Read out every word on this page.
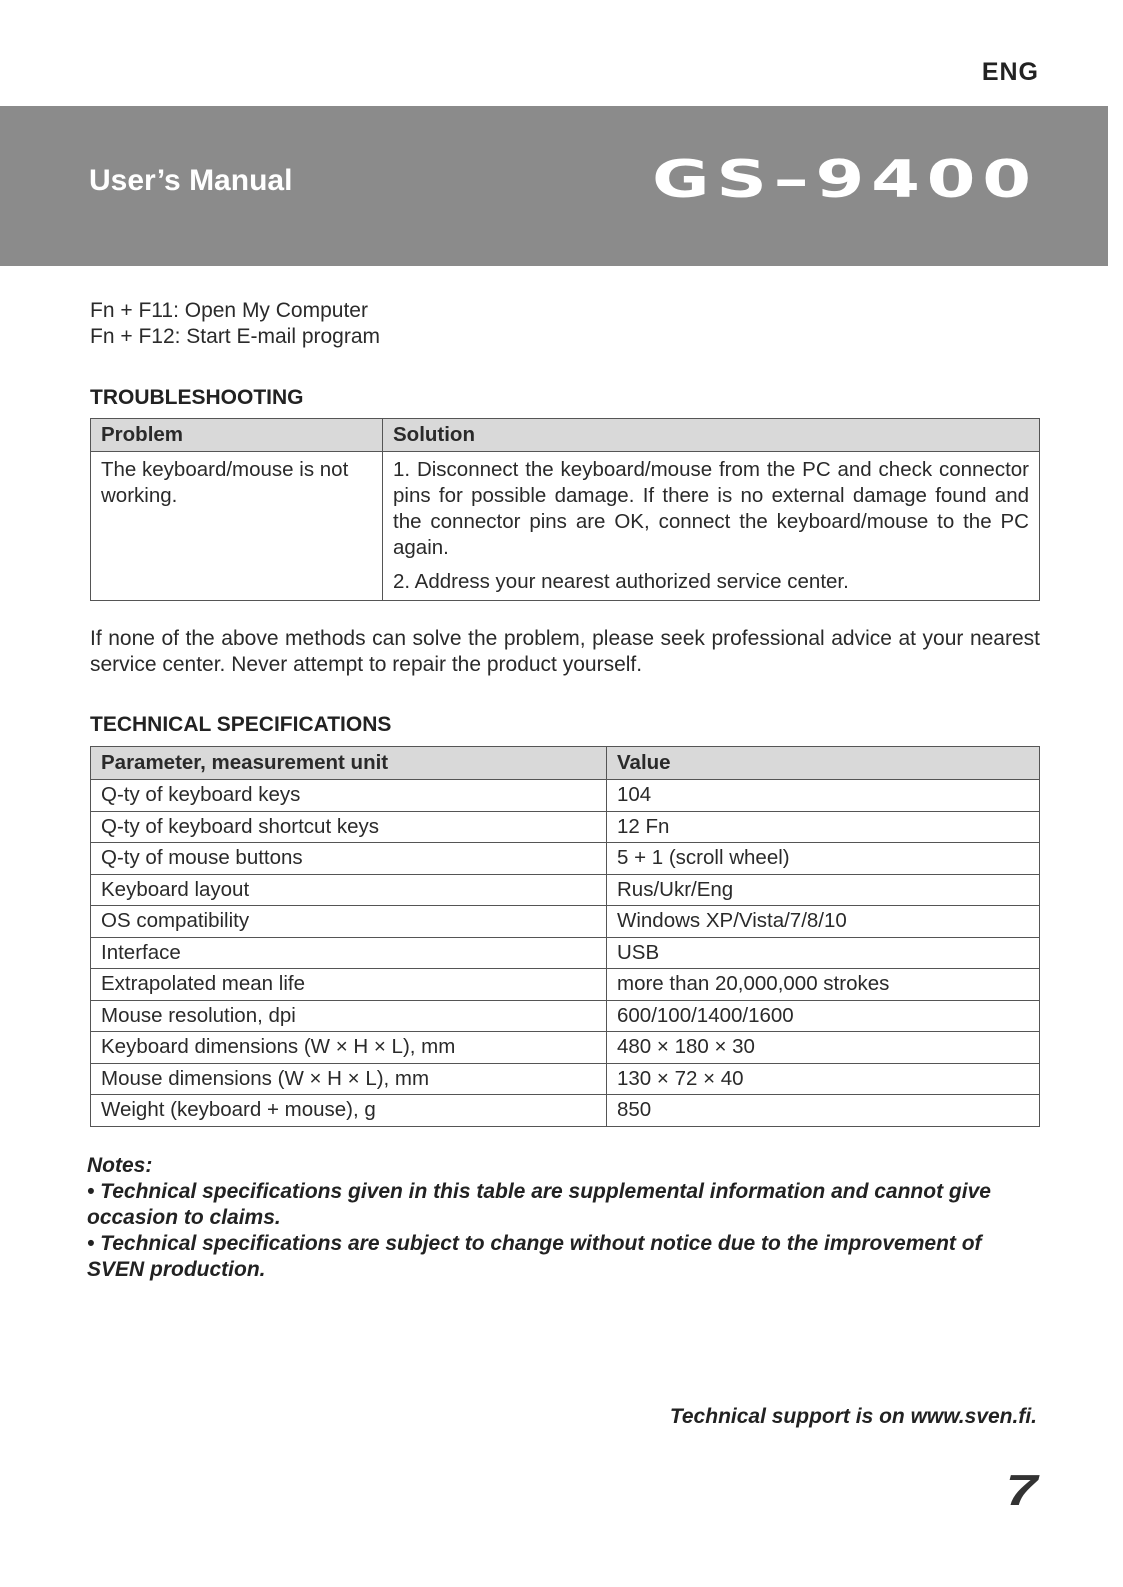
ENG
User’s Manual	GS–9400
Fn + F11: Open My Computer
Fn + F12: Start E-mail program
TROUBLESHOOTING
Problem	Solution
The keyboard/mouse is not working.	1. Disconnect the keyboard/mouse from the PC and check connector pins for possible damage. If there is no external damage found and the connector pins are OK, connect the keyboard/mouse to the PC again.

2. Address your nearest authorized service center.

If none of the above methods can solve the problem, please seek professional advice at your nearest service center. Never attempt to repair the product yourself.
TECHNICAL SPECIFICATIONS
Parameter, measurement unit	Value
Q-ty of keyboard keys	104
Q-ty of keyboard shortcut keys	12 Fn
Q-ty of mouse buttons	5 + 1 (scroll wheel)
Keyboard layout	Rus/Ukr/Eng
OS compatibility	Windows XP/Vista/7/8/10
Interface	USB
Extrapolated mean life	more than 20,000,000 strokes
Mouse resolution, dpi	600/100/1400/1600
Keyboard dimensions (W × H × L), mm	480 × 180 × 30
Mouse dimensions (W × H × L), mm	130 × 72 × 40
Weight (keyboard + mouse), g	850

Notes:

• Technical specifications given in this table are supplemental information and cannot give occasion to claims.

• Technical specifications are subject to change without notice due to the improvement of SVEN production.

Technical support is on www.sven.fi.
7
